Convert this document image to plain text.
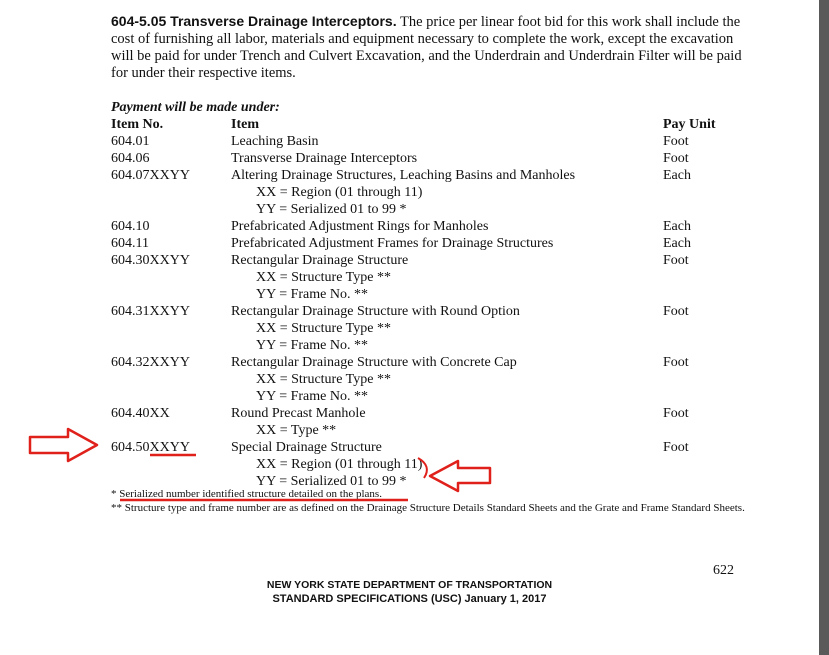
604-5.05 Transverse Drainage Interceptors. The price per linear foot bid for this work shall include the cost of furnishing all labor, materials and equipment necessary to complete the work, except the excavation will be paid for under Trench and Culvert Excavation, and the Underdrain and Underdrain Filter will be paid for under their respective items.
Payment will be made under:
Item No.	Item	Pay Unit
604.01	Leaching Basin	Foot
604.06	Transverse Drainage Interceptors	Foot
604.07XXYY	Altering Drainage Structures, Leaching Basins and Manholes	Each
XX = Region (01 through 11)
YY = Serialized 01 to 99 *
604.10	Prefabricated Adjustment Rings for Manholes	Each
604.11	Prefabricated Adjustment Frames for Drainage Structures	Each
604.30XXYY	Rectangular Drainage Structure	Foot
XX = Structure Type **
YY = Frame No. **
604.31XXYY	Rectangular Drainage Structure with Round Option	Foot
XX = Structure Type **
YY = Frame No. **
604.32XXYY	Rectangular Drainage Structure with Concrete Cap	Foot
XX = Structure Type **
YY = Frame No. **
604.40XX	Round Precast Manhole	Foot
XX = Type **
604.50XXYY	Special Drainage Structure	Foot
XX = Region (01 through 11)
YY = Serialized 01 to 99 *
* Serialized number identified structure detailed on the plans.
** Structure type and frame number are as defined on the Drainage Structure Details Standard Sheets and the Grate and Frame Standard Sheets.
622
NEW YORK STATE DEPARTMENT OF TRANSPORTATION
STANDARD SPECIFICATIONS (USC) January 1, 2017
